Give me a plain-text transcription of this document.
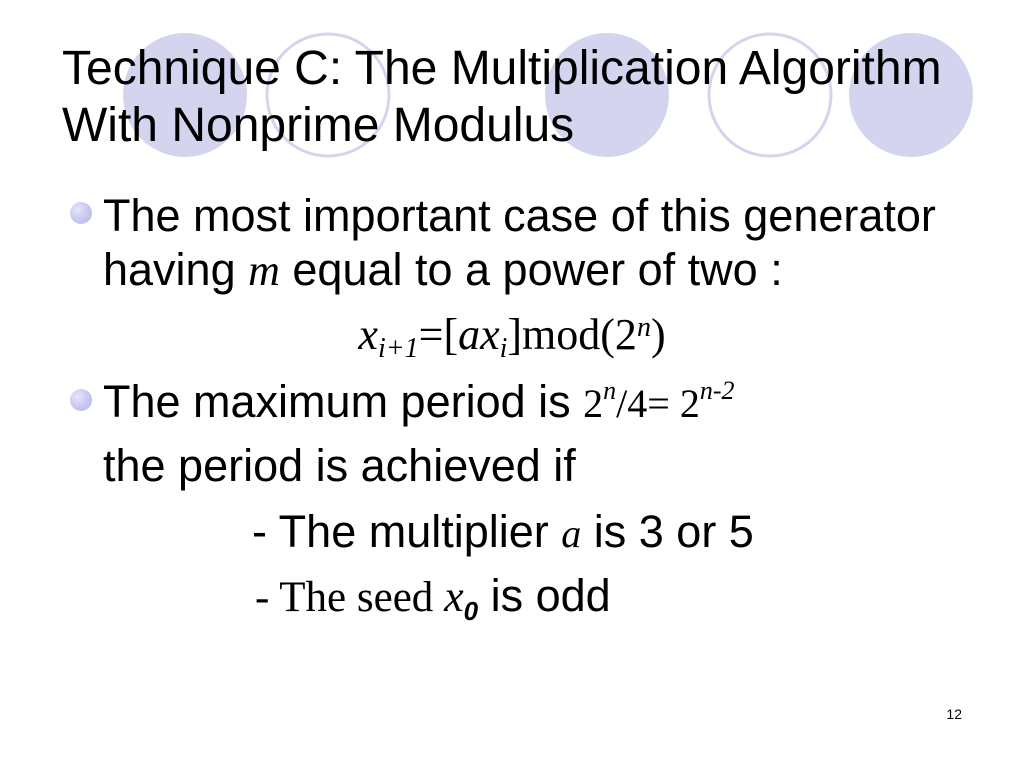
Technique C: The Multiplication Algorithm
With Nonprime Modulus
The most important case of this generator
having m equal to a power of two :
$xi+1=[axi]mod(2^n)$
The maximum period is $2^n/4= 2^{n-2}$
the period is achieved if
- The multiplier a is 3 or 5
- The seed $x_0$ is odd
12
